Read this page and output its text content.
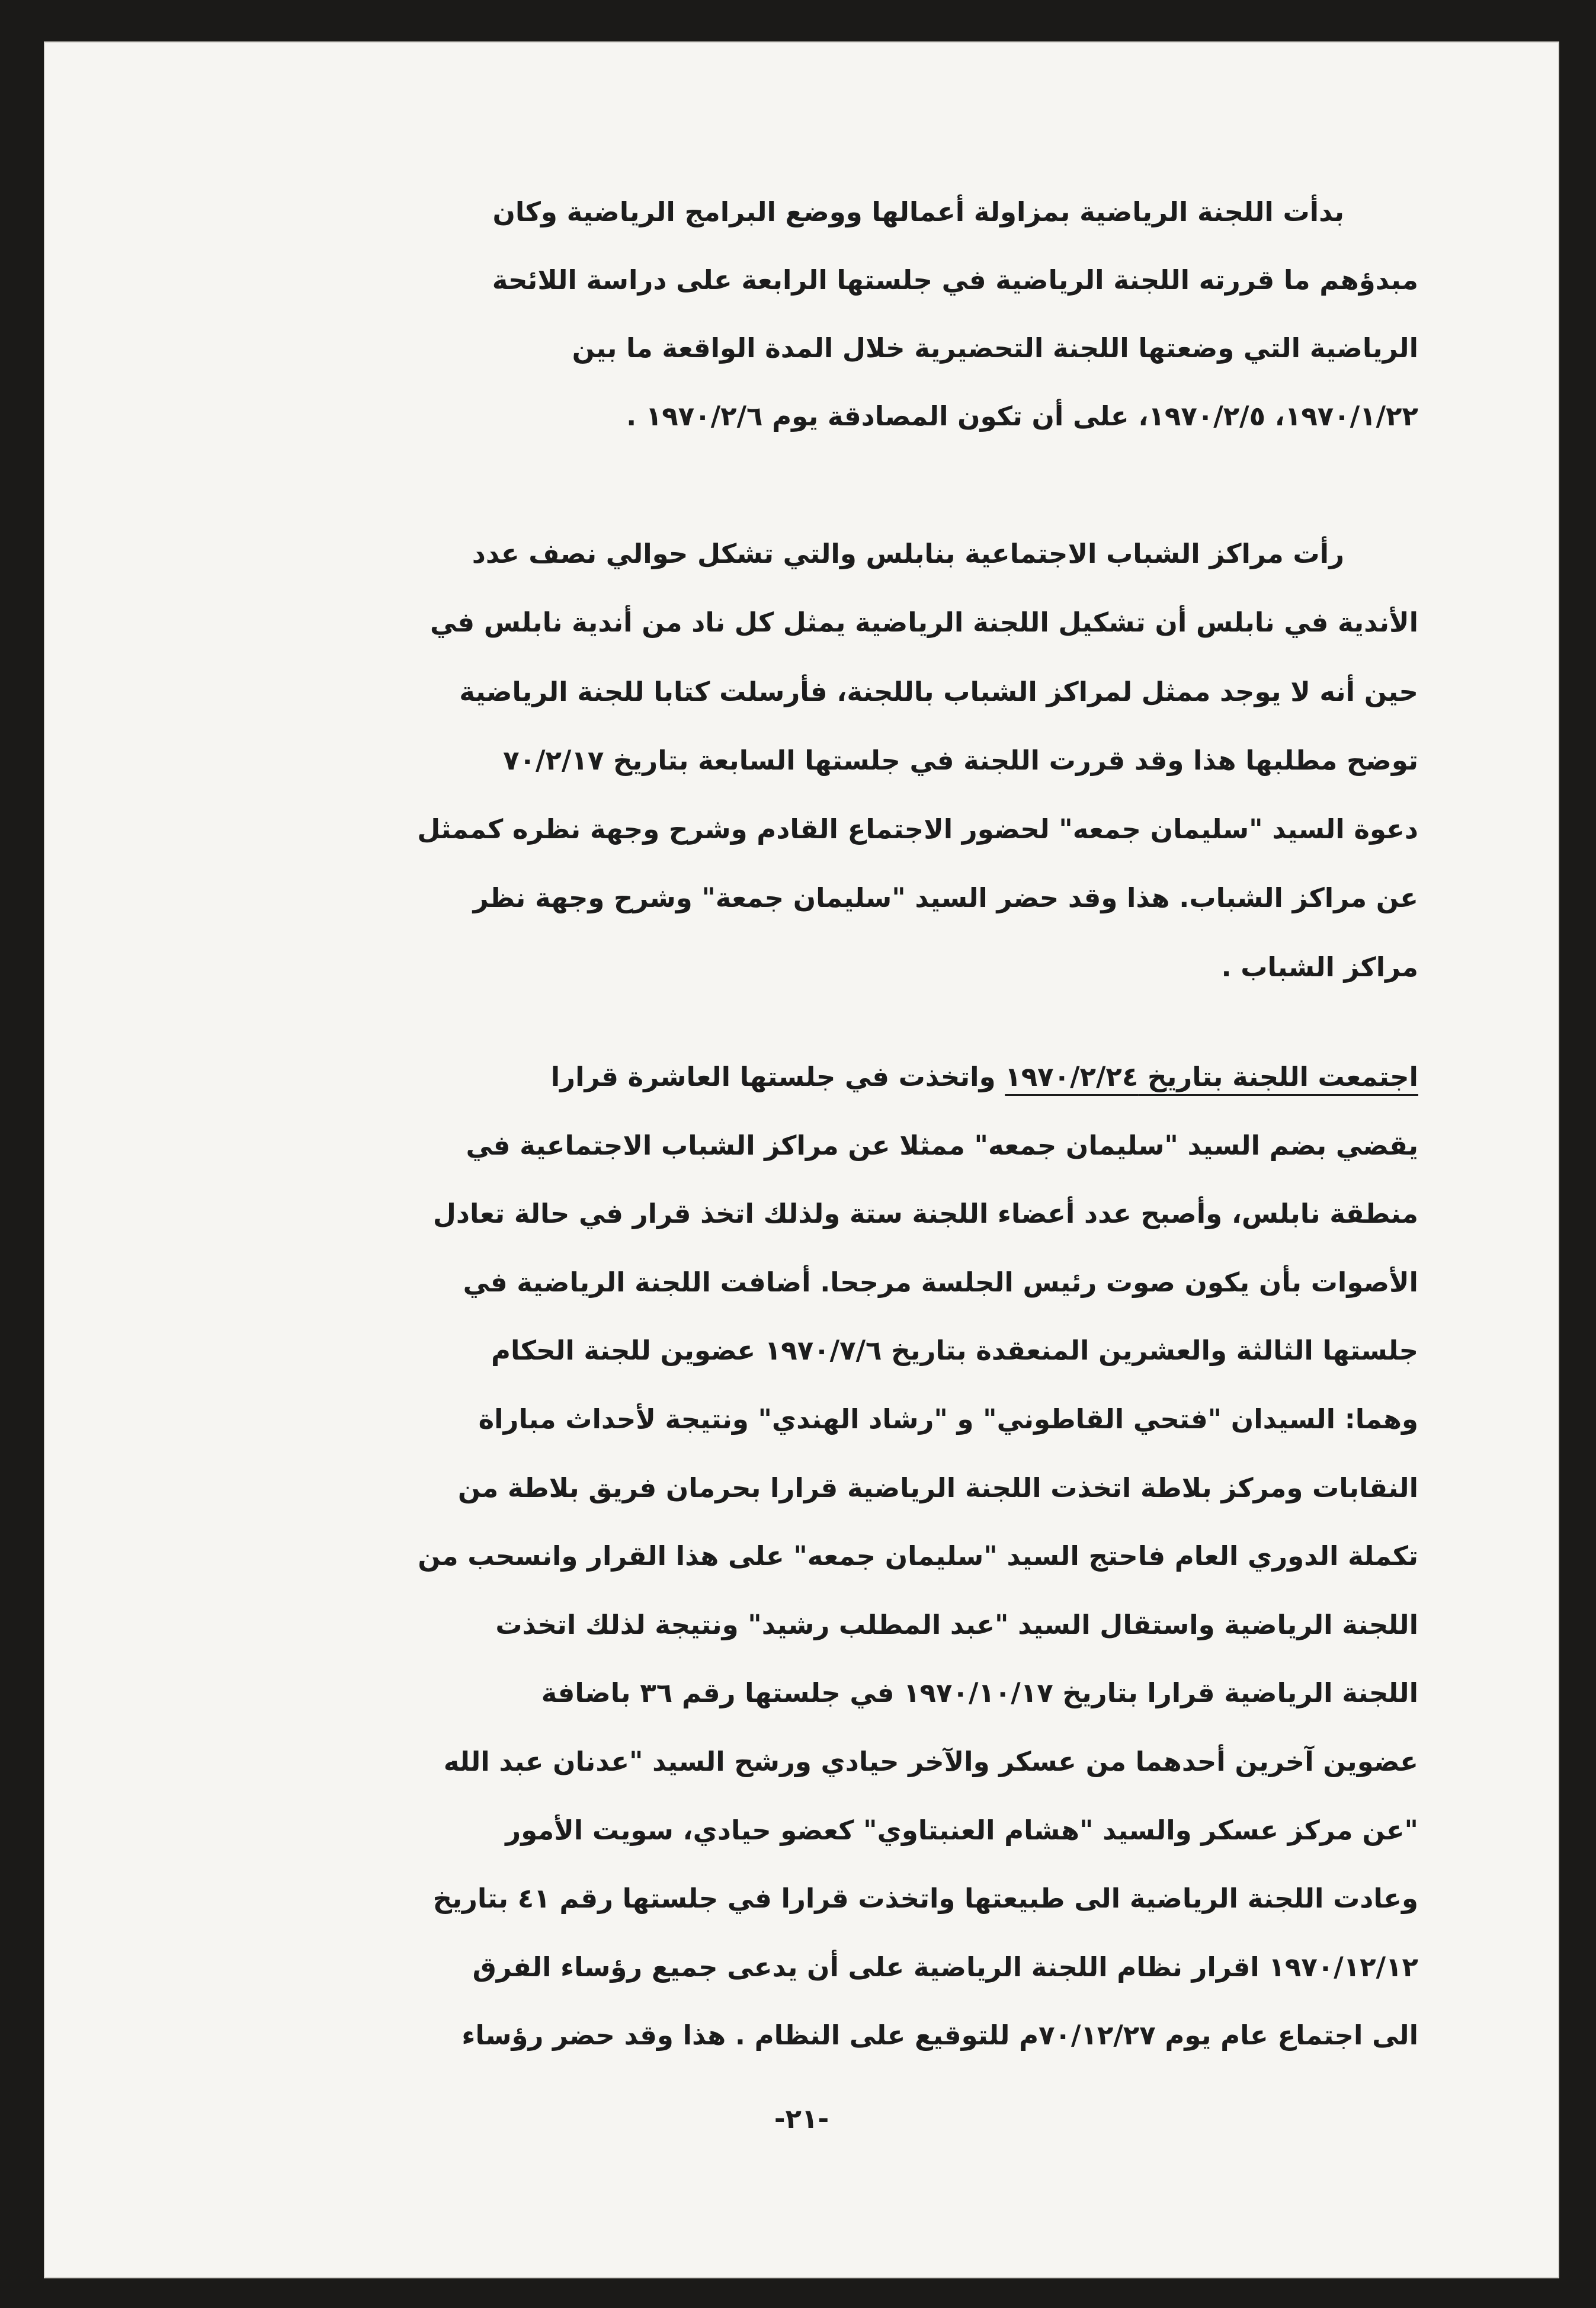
بدأت اللجنة الرياضية بمزاولة أعمالها ووضع البرامج الرياضية وكان
مبدؤهم ما قررته اللجنة الرياضية في جلستها الرابعة على دراسة اللائحة
الرياضية التي وضعتها اللجنة التحضيرية خلال المدة الواقعة ما بين
١٩٧٠/١/٢٢، ١٩٧٠/٢/٥، على أن تكون المصادقة يوم ١٩٧٠/٢/٦ .

رأت مراكز الشباب الاجتماعية بنابلس والتي تشكل حوالي نصف عدد
الأندية في نابلس أن تشكيل اللجنة الرياضية يمثل كل ناد من أندية نابلس في
حين أنه لا يوجد ممثل لمراكز الشباب باللجنة، فأرسلت كتابا للجنة الرياضية
توضح مطلبها هذا وقد قررت اللجنة في جلستها السابعة بتاريخ ٧٠/٢/١٧
دعوة السيد "سليمان جمعه" لحضور الاجتماع القادم وشرح وجهة نظره كممثل
عن مراكز الشباب. هذا وقد حضر السيد "سليمان جمعة" وشرح وجهة نظر
مراكز الشباب .

اجتمعت اللجنة بتاريخ ١٩٧٠/٢/٢٤ واتخذت في جلستها العاشرة قرارا
يقضي بضم السيد "سليمان جمعه" ممثلا عن مراكز الشباب الاجتماعية في
منطقة نابلس، وأصبح عدد أعضاء اللجنة ستة ولذلك اتخذ قرار في حالة تعادل
الأصوات بأن يكون صوت رئيس الجلسة مرجحا. أضافت اللجنة الرياضية في
جلستها الثالثة والعشرين المنعقدة بتاريخ ١٩٧٠/٧/٦ عضوين للجنة الحكام
وهما: السيدان "فتحي القاطوني" و "رشاد الهندي" ونتيجة لأحداث مباراة
النقابات ومركز بلاطة اتخذت اللجنة الرياضية قرارا بحرمان فريق بلاطة من
تكملة الدوري العام فاحتج السيد "سليمان جمعه" على هذا القرار وانسحب من
اللجنة الرياضية واستقال السيد "عبد المطلب رشيد" ونتيجة لذلك اتخذت
اللجنة الرياضية قرارا بتاريخ ١٩٧٠/١٠/١٧ في جلستها رقم ٣٦ باضافة
عضوين آخرين أحدهما من عسكر والآخر حيادي ورشح السيد "عدنان عبد الله
"عن مركز عسكر والسيد "هشام العنبتاوي" كعضو حيادي، سويت الأمور
وعادت اللجنة الرياضية الى طبيعتها واتخذت قرارا في جلستها رقم ٤١ بتاريخ
١٩٧٠/١٢/١٢ اقرار نظام اللجنة الرياضية على أن يدعى جميع رؤساء الفرق
الى اجتماع عام يوم ٧٠/١٢/٢٧م للتوقيع على النظام . هذا وقد حضر رؤساء

-٢١-
